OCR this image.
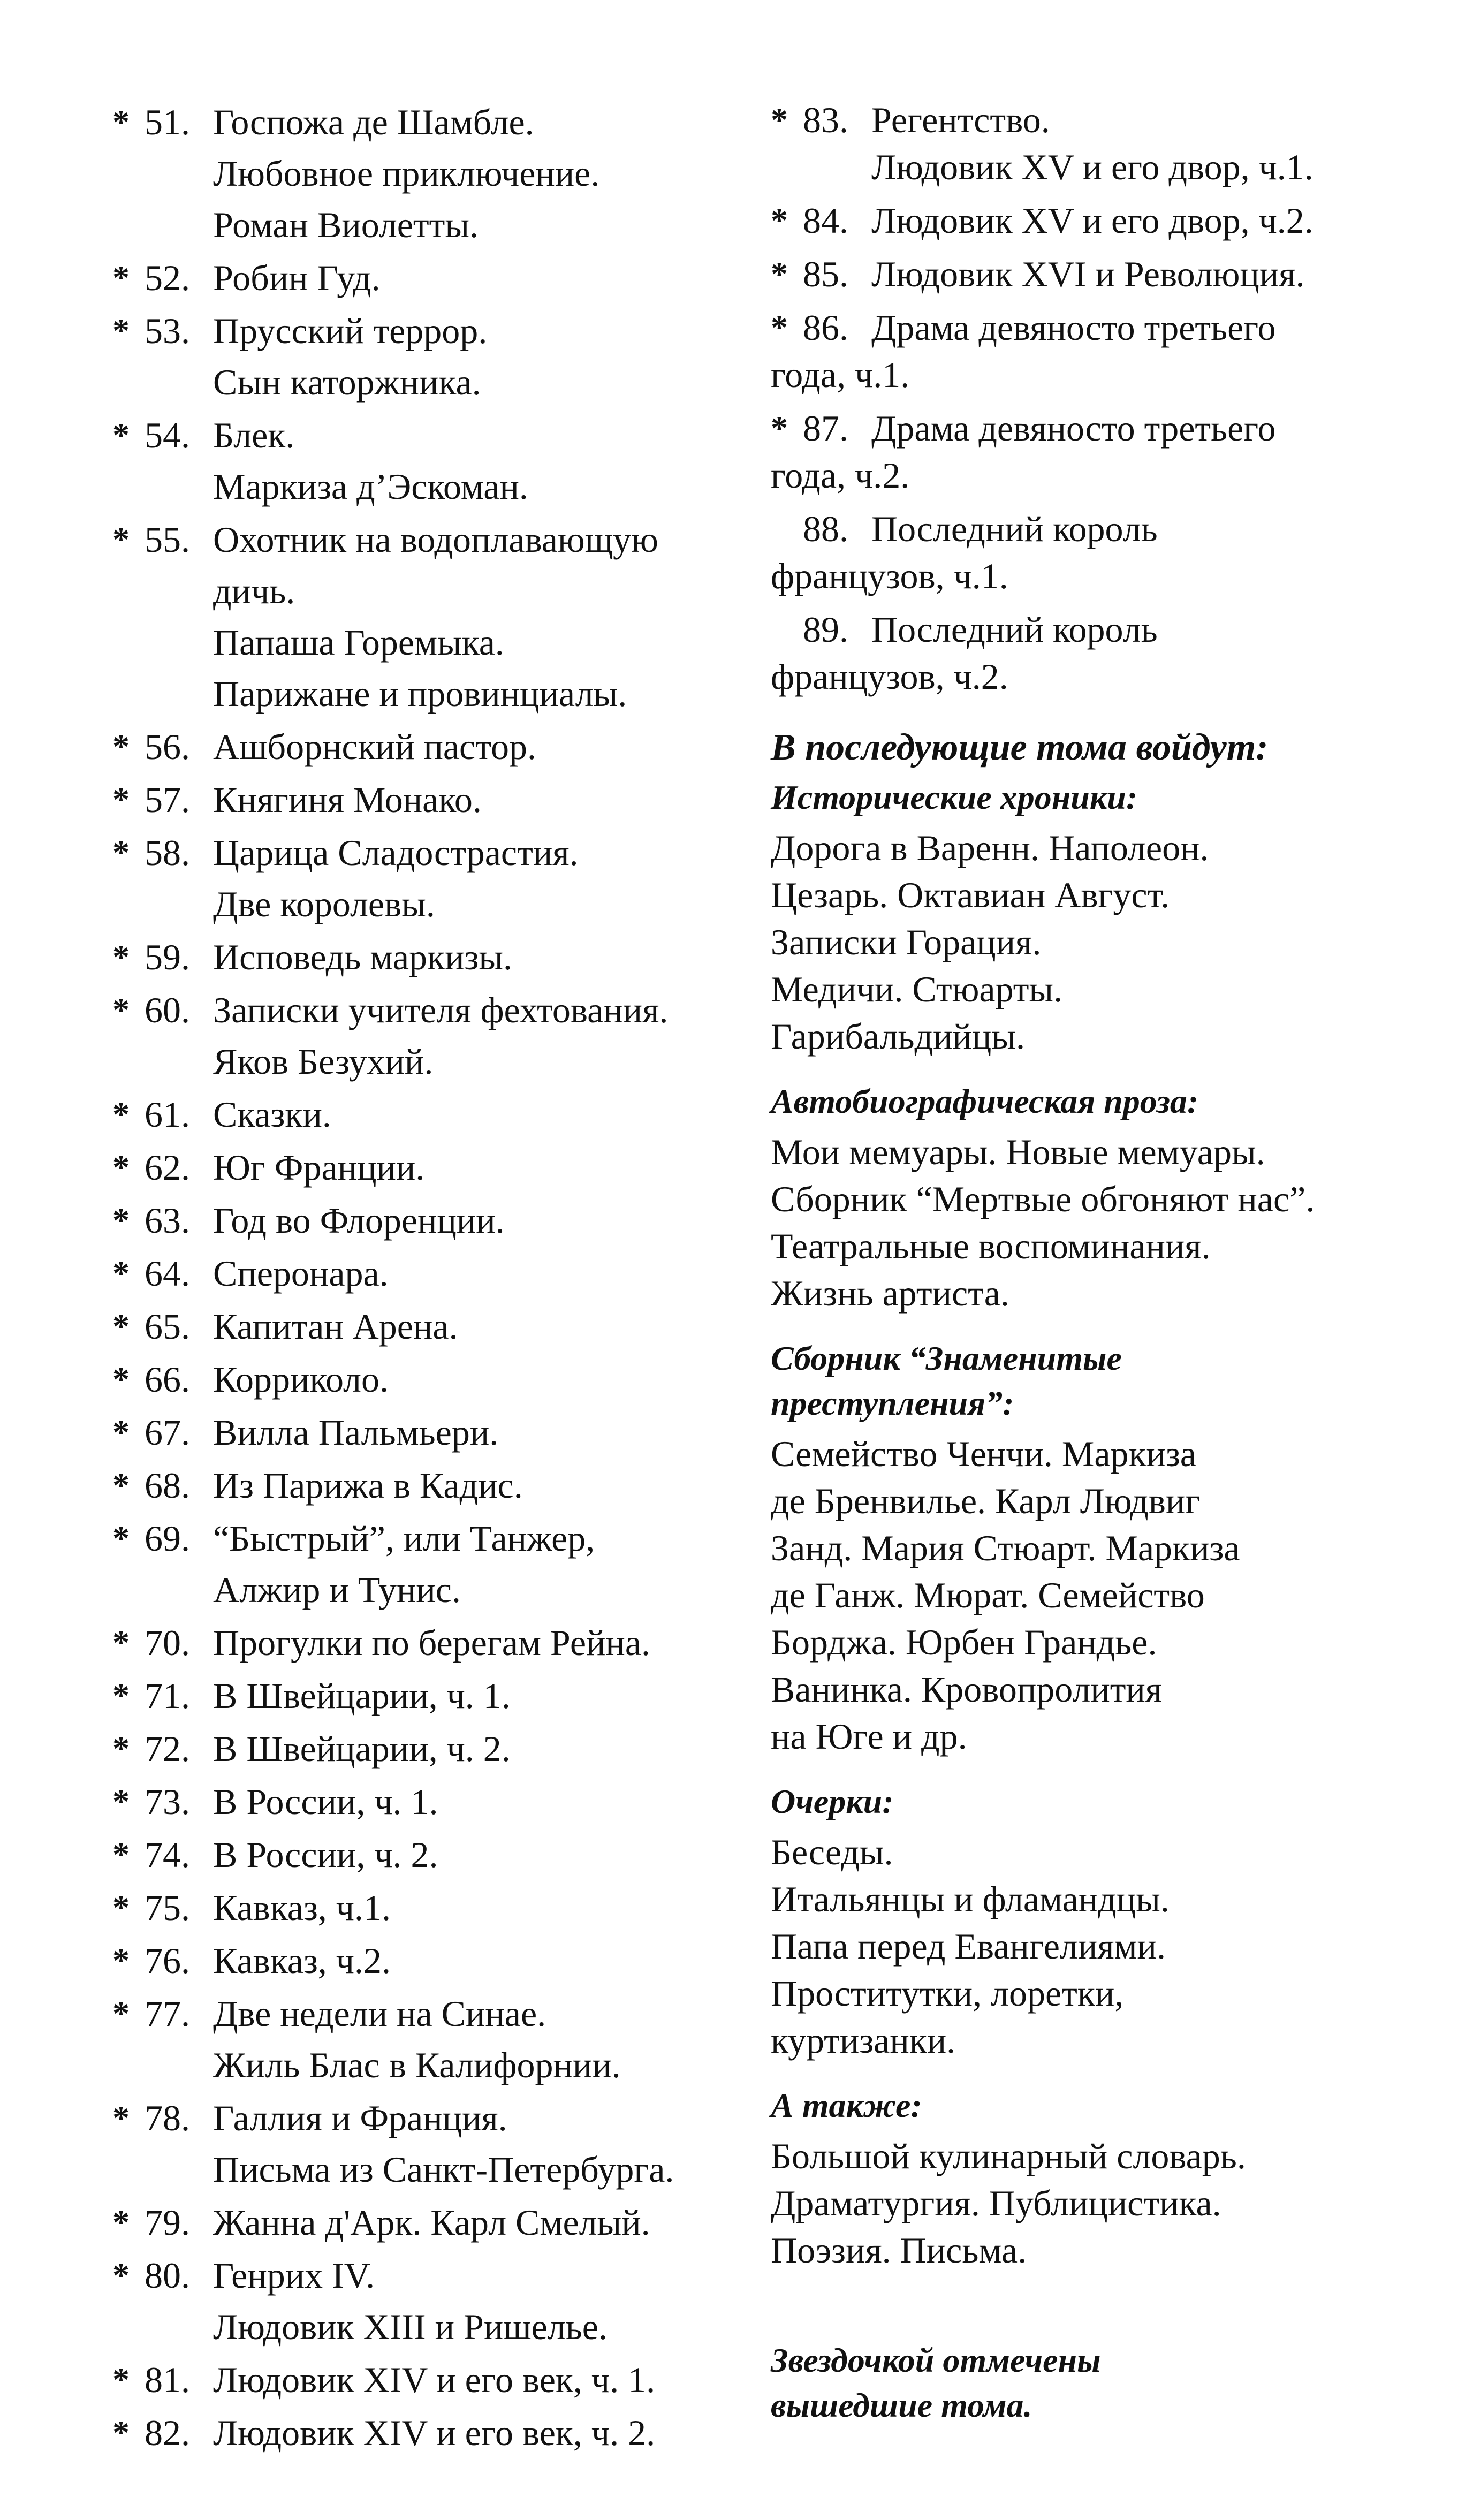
* 51. Госпожа де Шамбле.
Любовное приключение.
Роман Виолетты.
* 52. Робин Гуд.
* 53. Прусский террор.
Сын каторжника.
* 54. Блек.
Маркиза д’Эскоман.
* 55. Охотник на водоплавающую
дичь.
Папаша Горемыка.
Парижане и провинциалы.
* 56. Ашборнский пастор.
* 57. Княгиня Монако.
* 58. Царица Сладострастия.
Две королевы.
* 59. Исповедь маркизы.
* 60. Записки учителя фехтования.
Яков Безухий.
* 61. Сказки.
* 62. Юг Франции.
* 63. Год во Флоренции.
* 64. Сперонара.
* 65. Капитан Арена.
* 66. Корриколо.
* 67. Вилла Пальмьери.
* 68. Из Парижа в Кадис.
* 69. “Быстрый”, или Танжер,
Алжир и Тунис.
* 70. Прогулки по берегам Рейна.
* 71. В Швейцарии, ч. 1.
* 72. В Швейцарии, ч. 2.
* 73. В России, ч. 1.
* 74. В России, ч. 2.
* 75. Кавказ, ч.1.
* 76. Кавказ, ч.2.
* 77. Две недели на Синае.
Жиль Блас в Калифорнии.
* 78. Галлия и Франция.
Письма из Санкт-Петербурга.
* 79. Жанна д'Арк. Карл Смелый.
* 80. Генрих IV.
Людовик XIII и Ришелье.
* 81. Людовик XIV и его век, ч. 1.
* 82. Людовик XIV и его век, ч. 2.
* 83. Регентство.
Людовик XV и его двор, ч.1.
* 84. Людовик XV и его двор, ч.2.
* 85. Людовик XVI и Революция.
* 86. Драма девяносто третьего
года, ч.1.
* 87. Драма девяносто третьего
года, ч.2.
88. Последний король
французов, ч.1.
89. Последний король
французов, ч.2.
В последующие тома войдут:
Исторические хроники:
Дорога в Варенн. Наполеон.
Цезарь. Октавиан Август.
Записки Горация.
Медичи. Стюарты.
Гарибальдийцы.
Автобиографическая проза:
Мои мемуары. Новые мемуары.
Сборник “Мертвые обгоняют нас”.
Театральные воспоминания.
Жизнь артиста.
Сборник “Знаменитые
преступления”:
Семейство Ченчи. Маркиза
де Бренвилье. Карл Людвиг
Занд. Мария Стюарт. Маркиза
де Ганж. Мюрат. Семейство
Борджа. Юрбен Грандье.
Ванинка. Кровопролития
на Юге и др.
Очерки:
Беседы.
Итальянцы и фламандцы.
Папа перед Евангелиями.
Проститутки, лоретки,
куртизанки.
А также:
Большой кулинарный словарь.
Драматургия. Публицистика.
Поэзия. Письма.
Звездочкой отмечены
вышедшие тома.
